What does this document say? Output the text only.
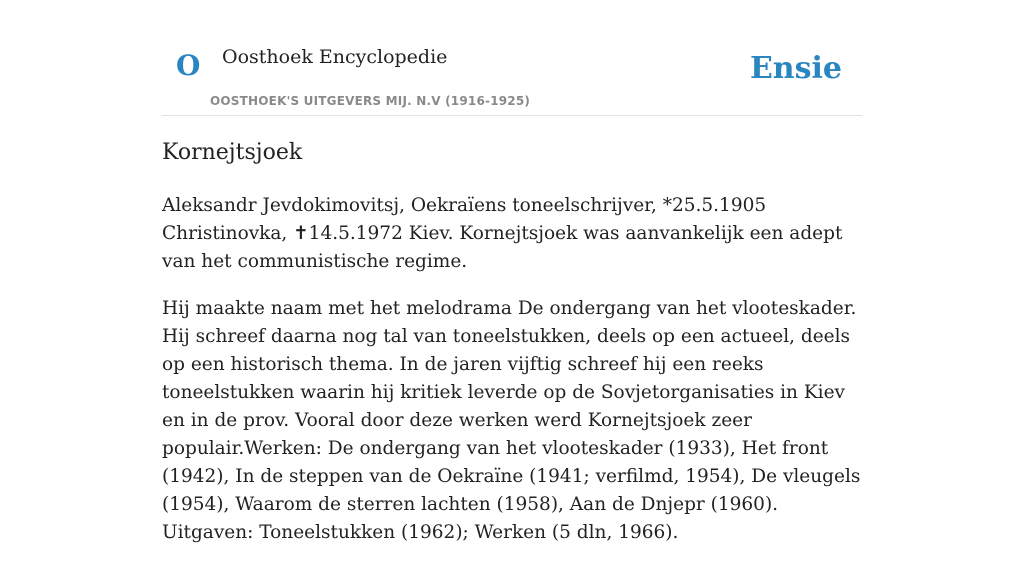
O Oosthoek Encyclopedie
OOSTHOEK'S UITGEVERS MIJ. N.V (1916-1925)
Ensie
Kornejtsjoek

Aleksandr Jevdokimovitsj, Oekraïens toneelschrijver, *25.5.1905 Christinovka, ✝14.5.1972 Kiev. Kornejtsjoek was aanvankelijk een adept van het communistische regime.

Hij maakte naam met het melodrama De ondergang van het vlooteskader. Hij schreef daarna nog tal van toneelstukken, deels op een actueel, deels op een historisch thema. In de jaren vijftig schreef hij een reeks toneelstukken waarin hij kritiek leverde op de Sovjetorganisaties in Kiev en in de prov. Vooral door deze werken werd Kornejtsjoek zeer populair.Werken: De ondergang van het vlooteskader (1933), Het front (1942), In de steppen van de Oekraïne (1941; verfilmd, 1954), De vleugels (1954), Waarom de sterren lachten (1958), Aan de Dnjepr (1960). Uitgaven: Toneelstukken (1962); Werken (5 dln, 1966).
